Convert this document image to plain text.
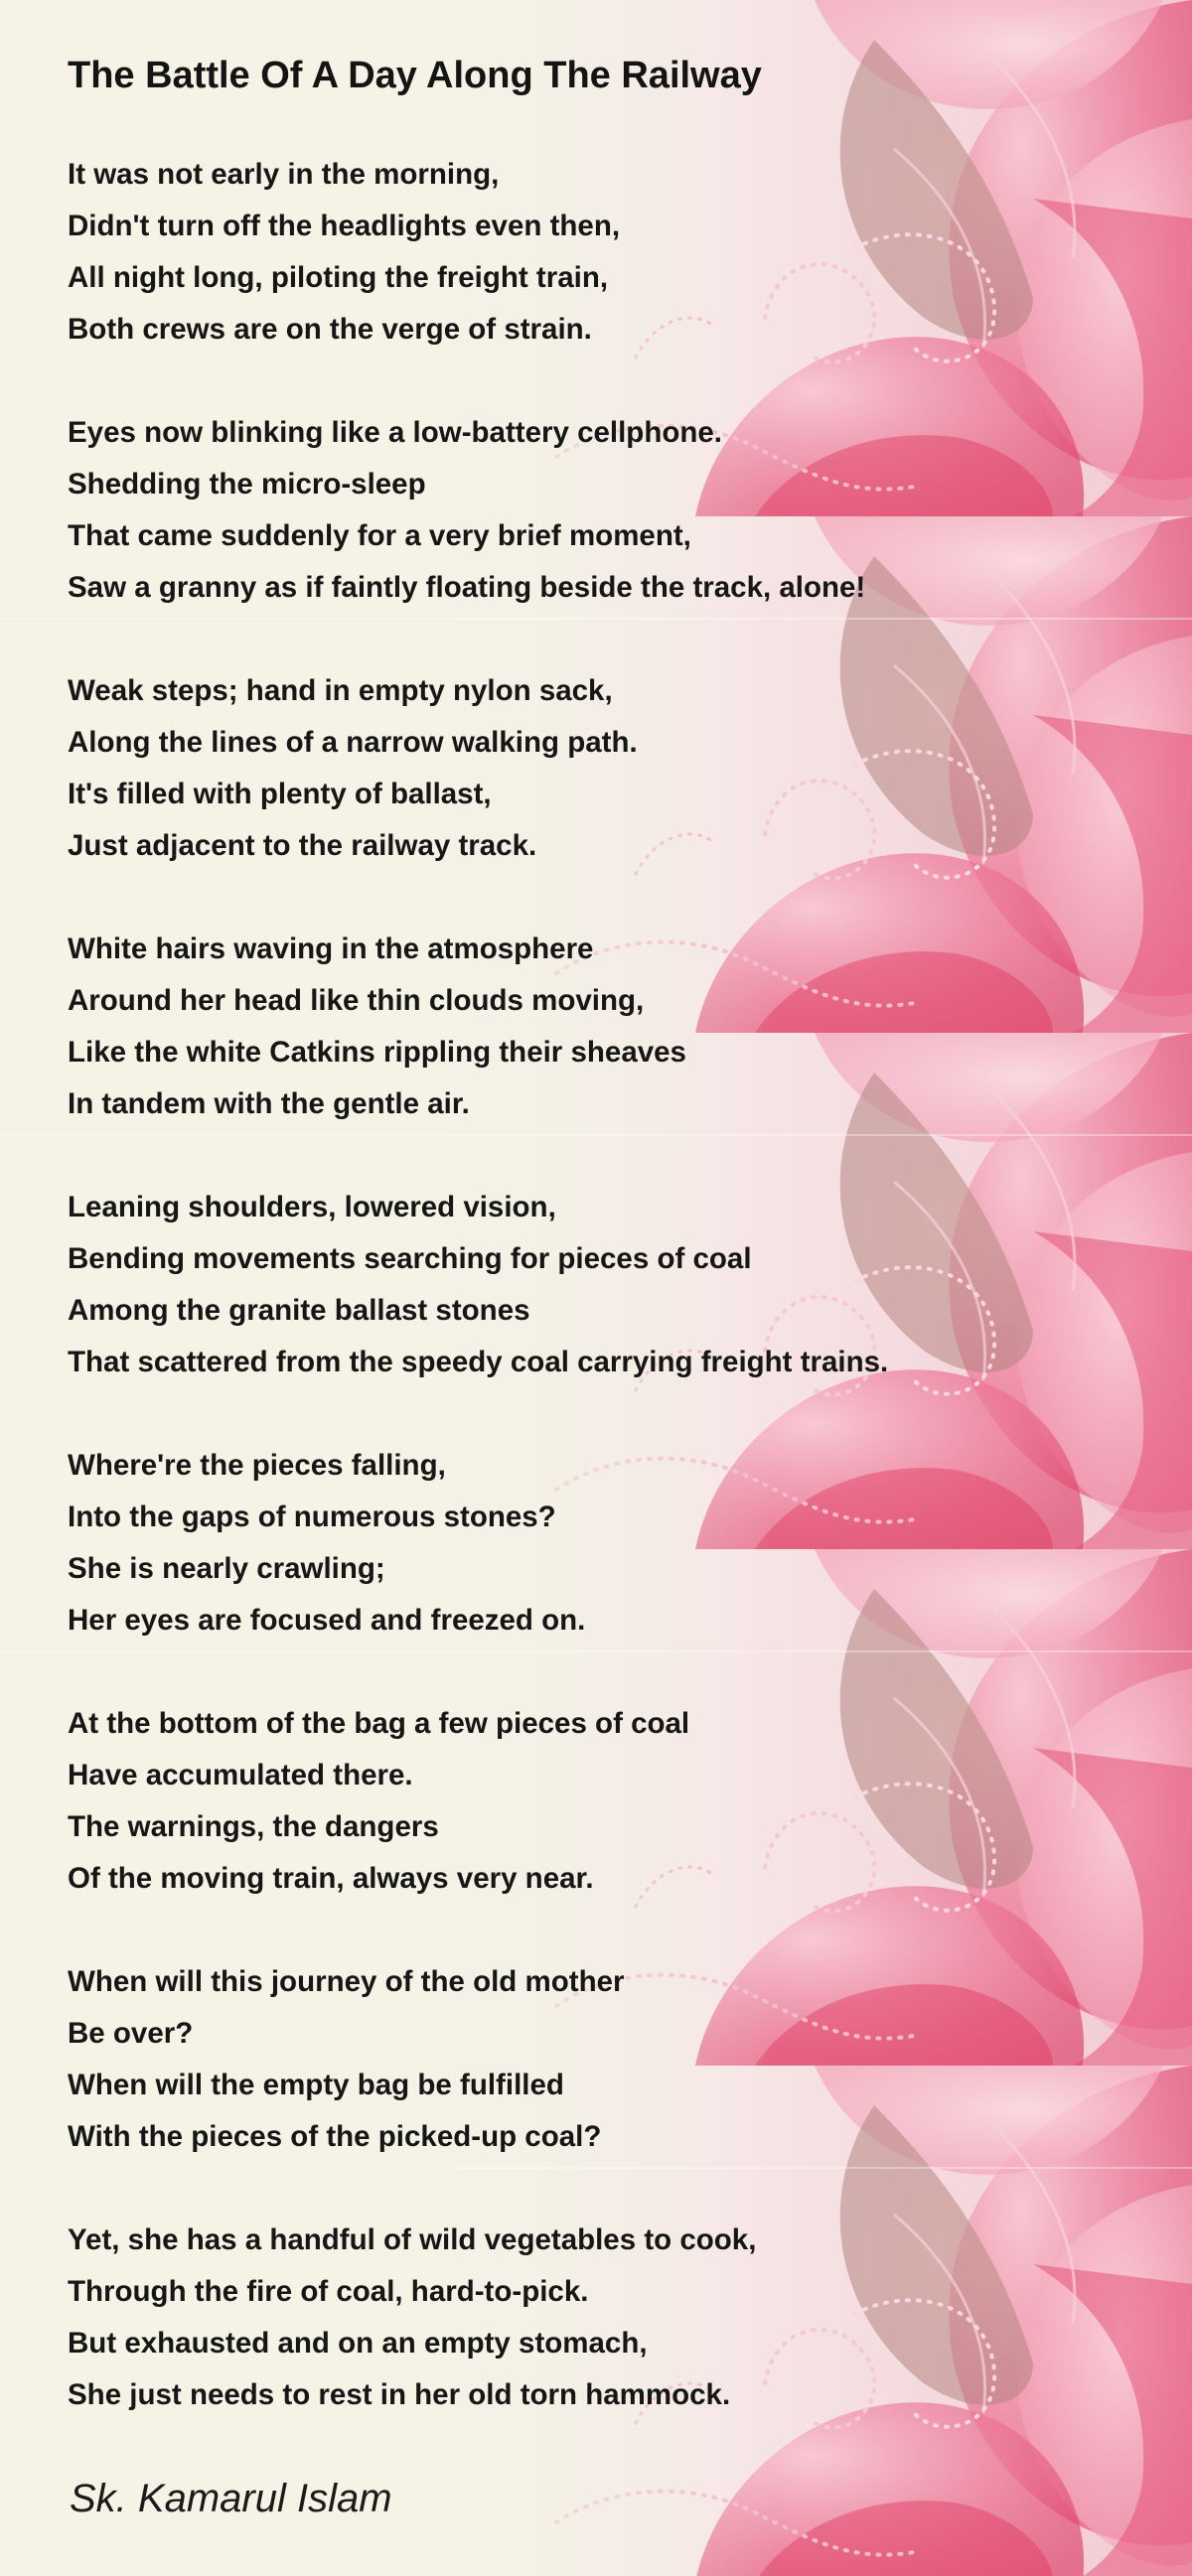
The Battle Of A Day Along The Railway
It was not early in the morning,
Didn't turn off the headlights even then,
All night long, piloting the freight train,
Both crews are on the verge of strain.
Eyes now blinking like a low-battery cellphone.
Shedding the micro-sleep
That came suddenly for a very brief moment,
Saw a granny as if faintly floating beside the track, alone!
Weak steps; hand in empty nylon sack,
Along the lines of a narrow walking path.
It's filled with plenty of ballast,
Just adjacent to the railway track.
White hairs waving in the atmosphere
Around her head like thin clouds moving,
Like the white Catkins rippling their sheaves
In tandem with the gentle air.
Leaning shoulders, lowered vision,
Bending movements searching for pieces of coal
Among the granite ballast stones
That scattered from the speedy coal carrying freight trains.
Where're the pieces falling,
Into the gaps of numerous stones?
She is nearly crawling;
Her eyes are focused and freezed on.
At the bottom of the bag a few pieces of coal
Have accumulated there.
The warnings, the dangers
Of the moving train, always very near.
When will this journey of the old mother
Be over?
When will the empty bag be fulfilled
With the pieces of the picked-up coal?
Yet, she has a handful of wild vegetables to cook,
Through the fire of coal, hard-to-pick.
But exhausted and on an empty stomach,
She just needs to rest in her old torn hammock.

Sk. Kamarul Islam
